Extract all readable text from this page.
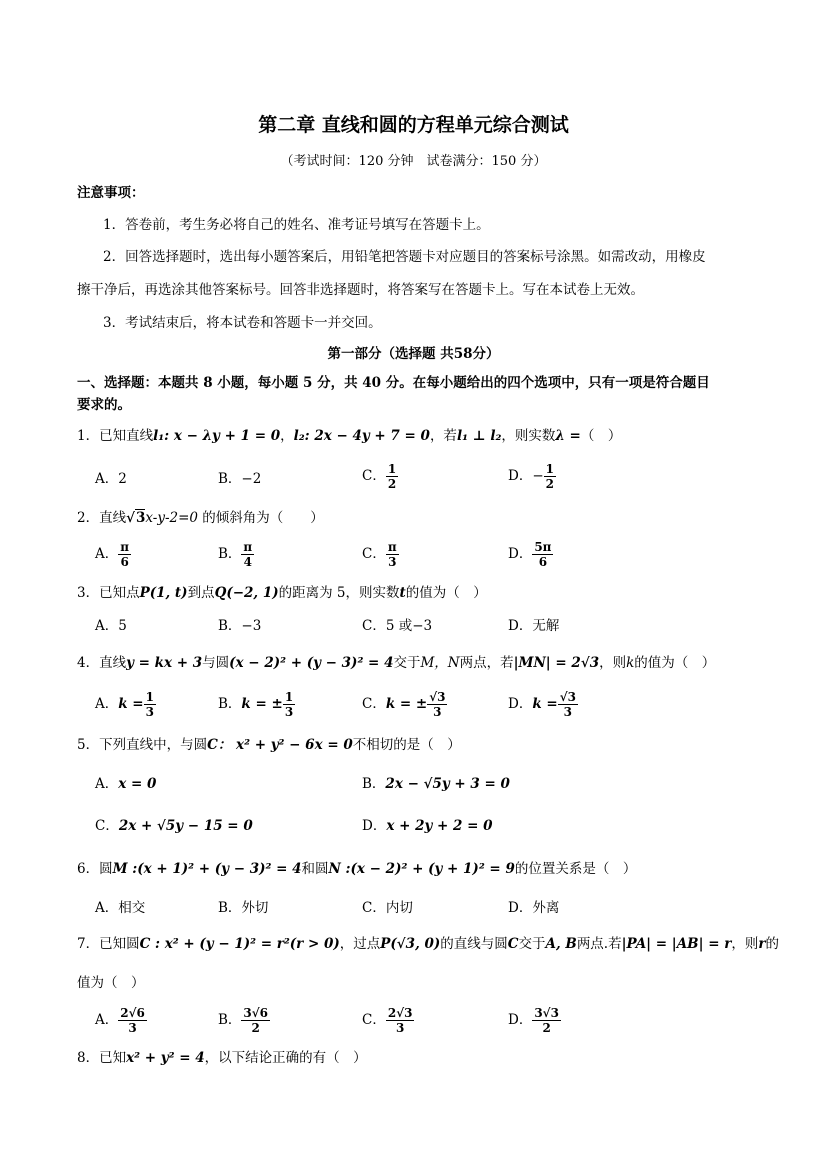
第二章 直线和圆的方程单元综合测试
（考试时间：120 分钟　试卷满分：150 分）
注意事项：
1．答卷前，考生务必将自己的姓名、准考证号填写在答题卡上。
2．回答选择题时，选出每小题答案后，用铅笔把答题卡对应题目的答案标号涂黑。如需改动，用橡皮
擦干净后，再选涂其他答案标号。回答非选择题时，将答案写在答题卡上。写在本试卷上无效。
3．考试结束后，将本试卷和答题卡一并交回。
第一部分（选择题 共58分）
一、选择题：本题共 8 小题，每小题 5 分，共 40 分。在每小题给出的四个选项中，只有一项是符合题目
要求的。
1．已知直线l₁: x − λy + 1 = 0，l₂: 2x − 4y + 7 = 0，若l₁ ⊥ l₂，则实数λ =（　）
A．2	B．−2	C． $\frac{1}{2}$	D．− $\frac{1}{2}$
2．直线√3x-y-2=0 的倾斜角为（　　）
A． $\frac{\pi}{6}$	B． $\frac{\pi}{4}$	C． $\frac{\pi}{3}$	D． $\frac{5\pi}{6}$
3．已知点P(1, t)到点Q(−2, 1)的距离为 5，则实数t的值为（　）
A．5	B．−3	C．5 或−3	D．无解
4．直线y = kx + 3与圆(x − 2)² + (y − 3)² = 4交于M，N两点，若|MN| = 2√3，则k的值为（　）
A．$k = \frac{1}{3}$	B．k = ± $\frac{1}{3}$	C．k = ± $\frac{√3}{3}$	D．$k = \frac{√3}{3}$
5．下列直线中，与圆C： x² + y² − 6x = 0不相切的是（　）
A．x = 0	B．2x − √5y + 3 = 0
C．2x + √5y − 15 = 0	D．x + 2y + 2 = 0
6．圆M :(x + 1)² + (y − 3)² = 4和圆N :(x − 2)² + (y + 1)² = 9的位置关系是（　）
A．相交	B．外切	C．内切	D．外离
7．已知圆C : x² + (y − 1)² = r²(r > 0)，过点P(√3, 0)的直线与圆C交于A, B两点.若|PA| = |AB| = r，则r的
值为（　）
A． $\frac{2√6}{3}$	B． $\frac{3√6}{2}$	C． $\frac{2√3}{3}$	D． $\frac{3√3}{2}$
8．已知x² + y² = 4，以下结论正确的有（　）
